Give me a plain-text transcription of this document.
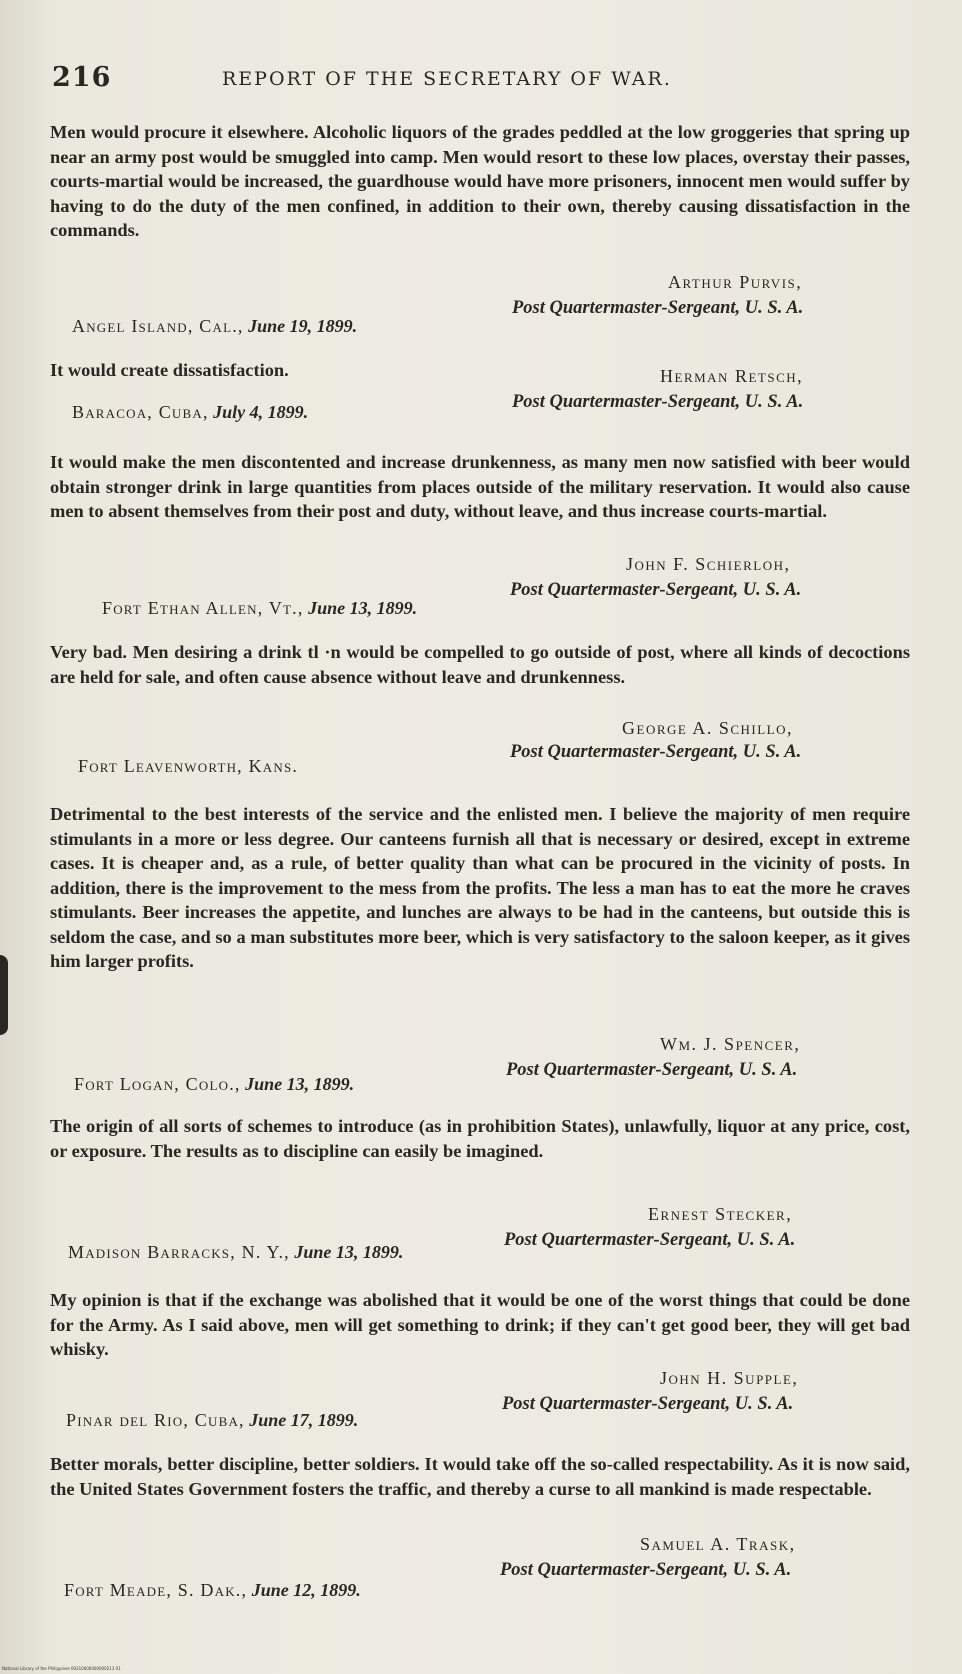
216	REPORT OF THE SECRETARY OF WAR.
Men would procure it elsewhere. Alcoholic liquors of the grades peddled at the low groggeries that spring up near an army post would be smuggled into camp. Men would resort to these low places, overstay their passes, courts-martial would be increased, the guardhouse would have more prisoners, innocent men would suffer by having to do the duty of the men confined, in addition to their own, thereby causing dissatisfaction in the commands.
Arthur Purvis,
Post Quartermaster-Sergeant, U. S. A.
Angel Island, Cal., June 19, 1899.
It would create dissatisfaction.	Herman Retsch,
Post Quartermaster-Sergeant, U. S. A.
Baracoa, Cuba, July 4, 1899.
It would make the men discontented and increase drunkenness, as many men now satisfied with beer would obtain stronger drink in large quantities from places outside of the military reservation. It would also cause men to absent themselves from their post and duty, without leave, and thus increase courts-martial.
John F. Schierloh,
Post Quartermaster-Sergeant, U. S. A.
Fort Ethan Allen, Vt., June 13, 1899.
Very bad. Men desiring a drink tl ·n would be compelled to go outside of post, where all kinds of decoctions are held for sale, and often cause absence without leave and drunkenness.
George A. Schillo,
Post Quartermaster-Sergeant, U. S. A.
Fort Leavenworth, Kans.
Detrimental to the best interests of the service and the enlisted men. I believe the majority of men require stimulants in a more or less degree. Our canteens furnish all that is necessary or desired, except in extreme cases. It is cheaper and, as a rule, of better quality than what can be procured in the vicinity of posts. In addition, there is the improvement to the mess from the profits. The less a man has to eat the more he craves stimulants. Beer increases the appetite, and lunches are always to be had in the canteens, but outside this is seldom the case, and so a man substitutes more beer, which is very satisfactory to the saloon keeper, as it gives him larger profits.
Wm. J. Spencer,
Post Quartermaster-Sergeant, U. S. A.
Fort Logan, Colo., June 13, 1899.
The origin of all sorts of schemes to introduce (as in prohibition States), unlawfully, liquor at any price, cost, or exposure. The results as to discipline can easily be imagined.
Ernest Stecker,
Post Quartermaster-Sergeant, U. S. A.
Madison Barracks, N. Y., June 13, 1899.
My opinion is that if the exchange was abolished that it would be one of the worst things that could be done for the Army. As I said above, men will get something to drink; if they can't get good beer, they will get bad whisky.
John H. Supple,
Post Quartermaster-Sergeant, U. S. A.
Pinar del Rio, Cuba, June 17, 1899.
Better morals, better discipline, better soldiers. It would take off the so-called respectability. As it is now said, the United States Government fosters the traffic, and thereby a curse to all mankind is made respectable.
Samuel A. Trask,
Post Quartermaster-Sergeant, U. S. A.
Fort Meade, S. Dak., June 12, 1899.
National Library of the Philippines 00210000000000213 01
